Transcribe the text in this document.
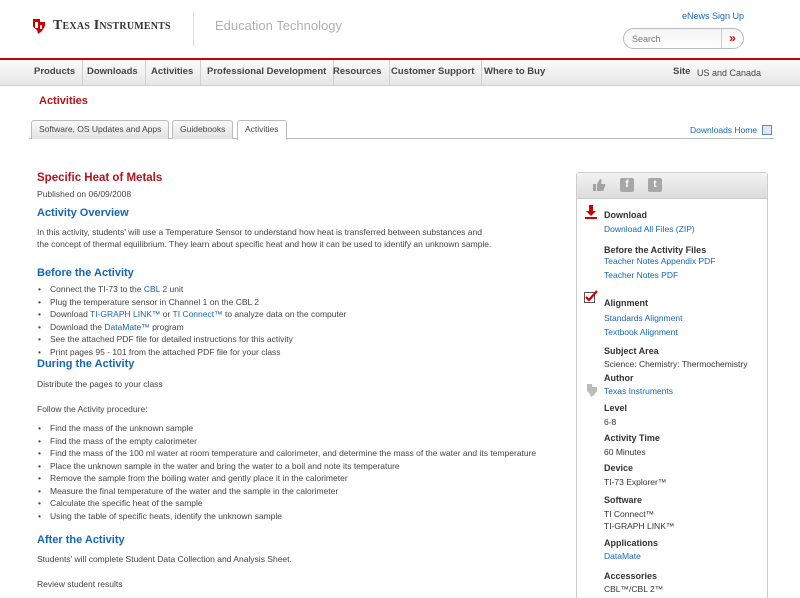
Texas Instruments	Education Technology
eNews Sign Up
Search
»
Products	Downloads	Activities	Professional Development Resources Customer Support	Where to Buy	Site US and Canada
Activities
Software, OS Updates and Apps	Guidebooks	Activities	Downloads Home
Specific Heat of Metals
Published on 06/09/2008
Activity Overview
In this activity, students' will use a Temperature Sensor to understand how heat is transferred between substances and
the concept of thermal equilibrium. They learn about specific heat and how it can be used to identify an unknown sample.
Before the Activity
• Connect the TI-73 to the CBL 2 unit
• Plug the temperature sensor in Channel 1 on the CBL 2
• Download TI-GRAPH LINK™ or TI Connect™ to analyze data on the computer
• Download the DataMate™ program
• See the attached PDF file for detailed instructions for this activity
• Print pages 95 - 101 from the attached PDF file for your class
During the Activity
Distribute the pages to your class
Follow the Activity procedure:
• Find the mass of the unknown sample
• Find the mass of the empty calorimeter
• Find the mass of the 100 ml water at room temperature and calorimeter, and determine the mass of the water and its temperature
• Place the unknown sample in the water and bring the water to a boil and note its temperature
• Remove the sample from the boiling water and gently place it in the calorimeter
• Measure the final temperature of the water and the sample in the calorimeter
• Calculate the specific heat of the sample
• Using the table of specific heats, identify the unknown sample
After the Activity
Students' will complete Student Data Collection and Analysis Sheet.
Review student results
f	t
Download
Download All Files (ZIP)
Before the Activity Files
Teacher Notes Appendix PDF
Teacher Notes PDF
Alignment
Standards Alignment
Textbook Alignment
Subject Area
Science: Chemistry: Thermochemistry
Author
Texas Instruments
Level
6-8
Activity Time
60 Minutes
Device
TI-73 Explorer™
Software
TI Connect™
TI-GRAPH LINK™
Applications
DataMate
Accessories
CBL™/CBL 2™
